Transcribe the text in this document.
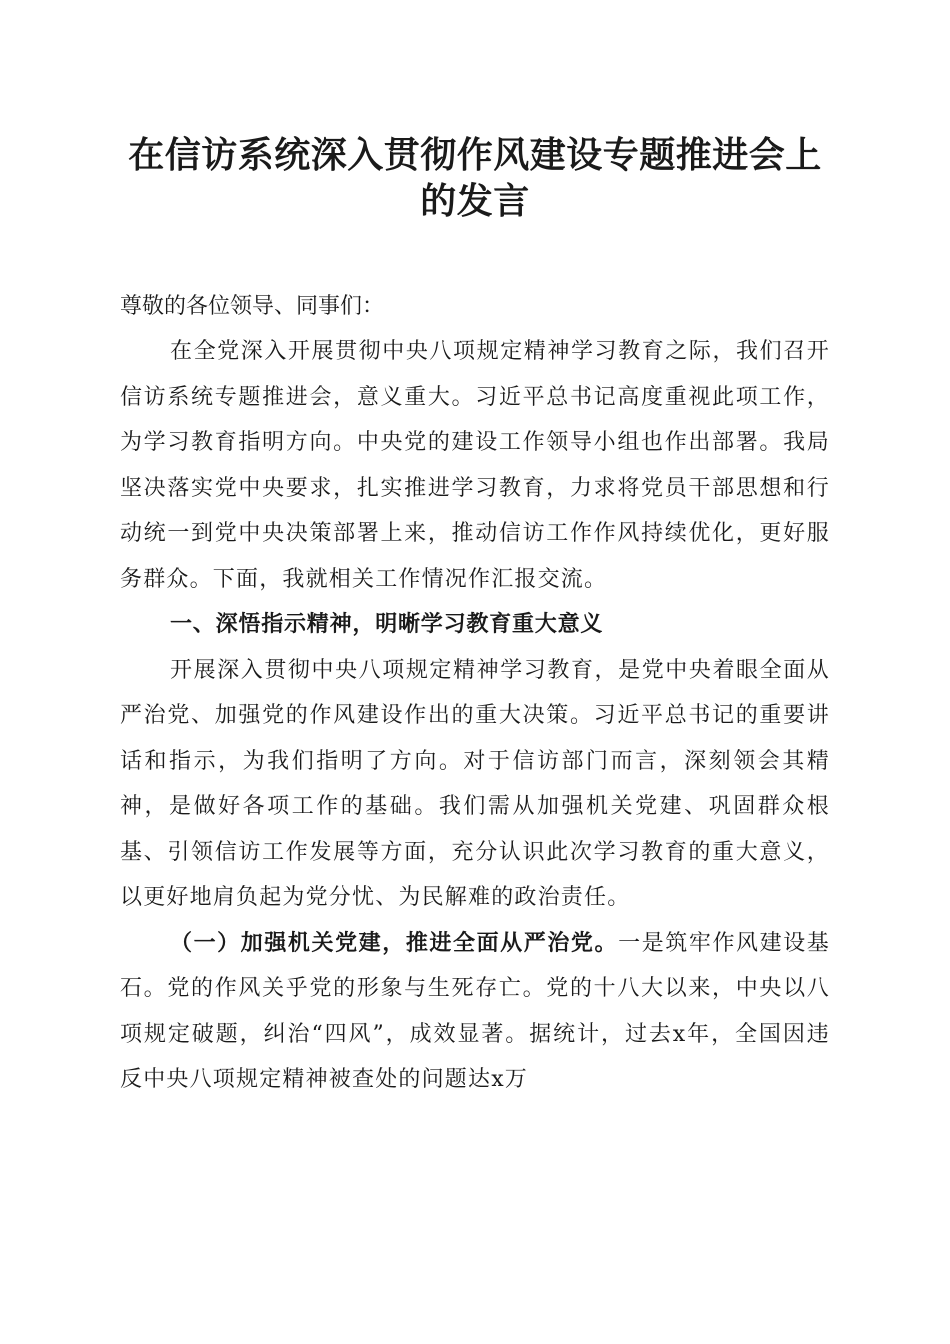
在信访系统深入贯彻作风建设专题推进会上的发言

尊敬的各位领导、同事们：

在全党深入开展贯彻中央八项规定精神学习教育之际，我们召开信访系统专题推进会，意义重大。习近平总书记高度重视此项工作，为学习教育指明方向。中央党的建设工作领导小组也作出部署。我局坚决落实党中央要求，扎实推进学习教育，力求将党员干部思想和行动统一到党中央决策部署上来，推动信访工作作风持续优化，更好服务群众。下面，我就相关工作情况作汇报交流。

一、深悟指示精神，明晰学习教育重大意义

开展深入贯彻中央八项规定精神学习教育，是党中央着眼全面从严治党、加强党的作风建设作出的重大决策。习近平总书记的重要讲话和指示，为我们指明了方向。对于信访部门而言，深刻领会其精神，是做好各项工作的基础。我们需从加强机关党建、巩固群众根基、引领信访工作发展等方面，充分认识此次学习教育的重大意义，以更好地肩负起为党分忧、为民解难的政治责任。

（一）加强机关党建，推进全面从严治党。一是筑牢作风建设基石。党的作风关乎党的形象与生死存亡。党的十八大以来，中央以八项规定破题，纠治“四风”，成效显著。据统计，过去x年，全国因违反中央八项规定精神被查处的问题达x万
